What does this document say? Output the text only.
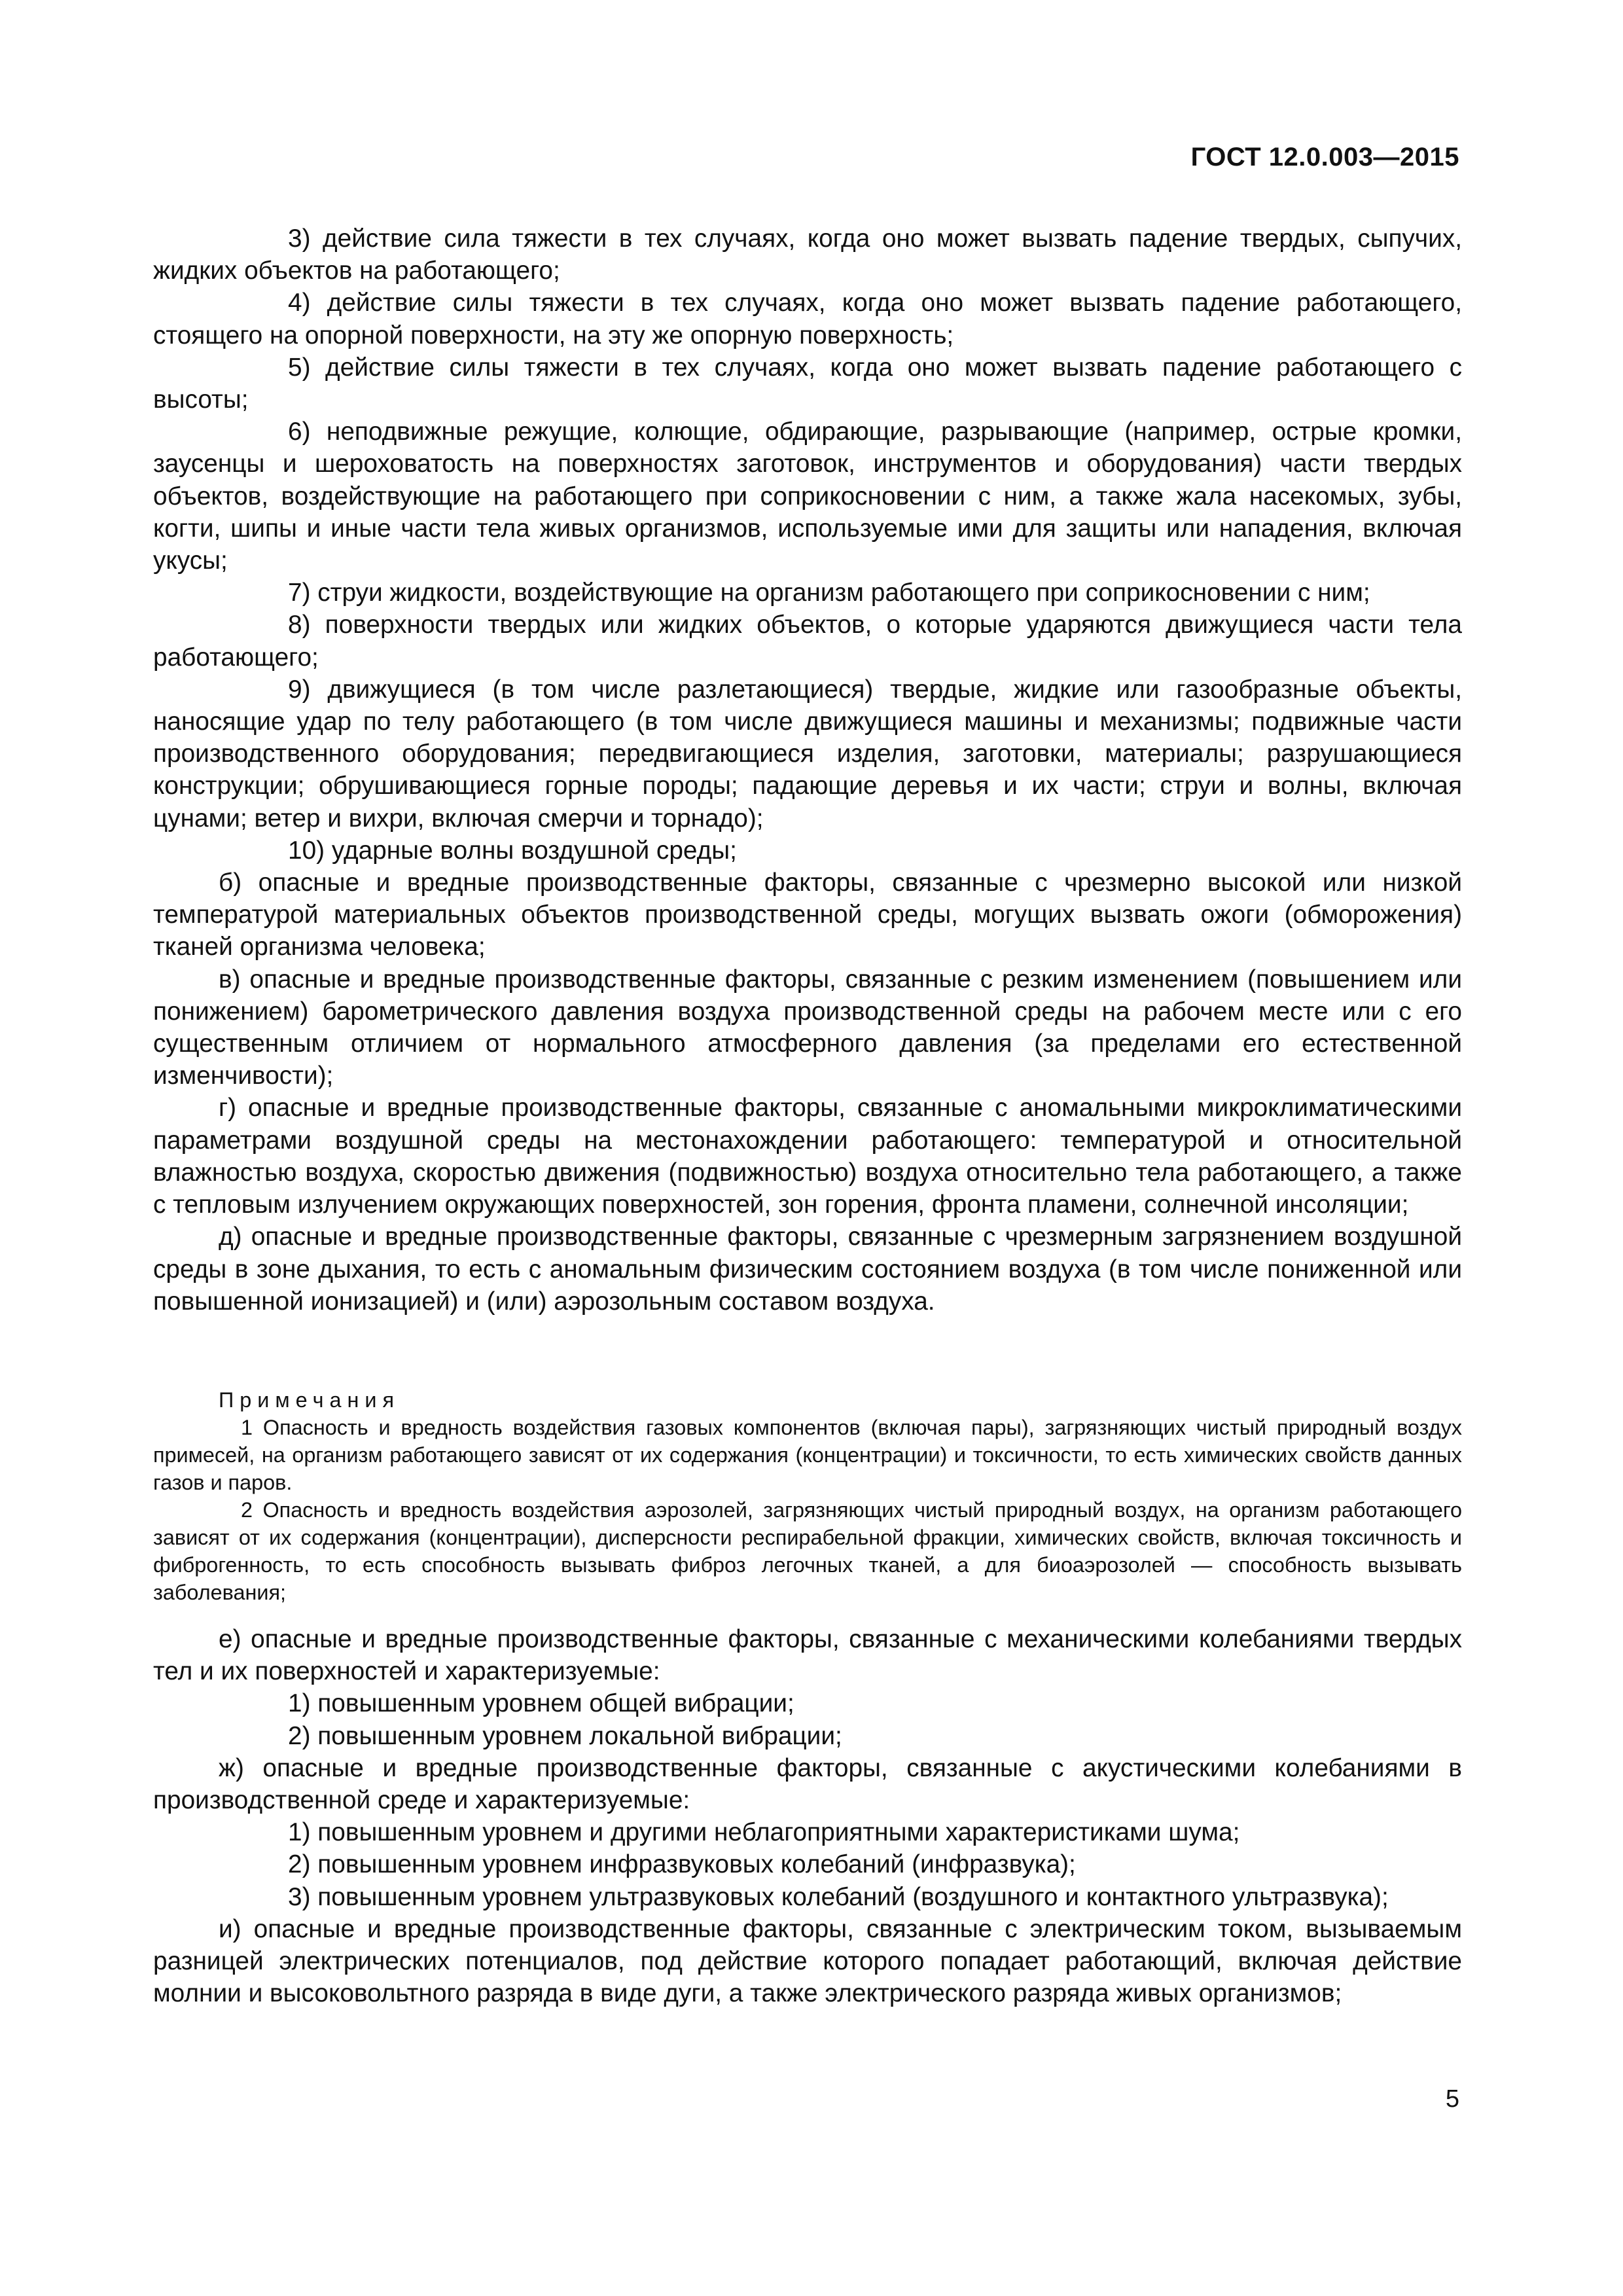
ГОСТ 12.0.003—2015

3) действие сила тяжести в тех случаях, когда оно может вызвать падение твердых, сыпучих, жидких объектов на работающего;

4) действие силы тяжести в тех случаях, когда оно может вызвать падение работающего, стоящего на опорной поверхности, на эту же опорную поверхность;

5) действие силы тяжести в тех случаях, когда оно может вызвать падение работающего с высоты;

6) неподвижные режущие, колющие, обдирающие, разрывающие (например, острые кромки, заусенцы и шероховатость на поверхностях заготовок, инструментов и оборудования) части твердых объектов, воздействующие на работающего при соприкосновении с ним, а также жала насекомых, зубы, когти, шипы и иные части тела живых организмов, используемые ими для защиты или нападения, включая укусы;

7) струи жидкости, воздействующие на организм работающего при соприкосновении с ним;

8) поверхности твердых или жидких объектов, о которые ударяются движущиеся части тела работающего;

9) движущиеся (в том числе разлетающиеся) твердые, жидкие или газообразные объекты, наносящие удар по телу работающего (в том числе движущиеся машины и механизмы; подвижные части производственного оборудования; передвигающиеся изделия, заготовки, материалы; разрушающиеся конструкции; обрушивающиеся горные породы; падающие деревья и их части; струи и волны, включая цунами; ветер и вихри, включая смерчи и торнадо);

10) ударные волны воздушной среды;

б) опасные и вредные производственные факторы, связанные с чрезмерно высокой или низкой температурой материальных объектов производственной среды, могущих вызвать ожоги (обморожения) тканей организма человека;

в) опасные и вредные производственные факторы, связанные с резким изменением (повышением или понижением) барометрического давления воздуха производственной среды на рабочем месте или с его существенным отличием от нормального атмосферного давления (за пределами его естественной изменчивости);

г) опасные и вредные производственные факторы, связанные с аномальными микроклиматическими параметрами воздушной среды на местонахождении работающего: температурой и относительной влажностью воздуха, скоростью движения (подвижностью) воздуха относительно тела работающего, а также с тепловым излучением окружающих поверхностей, зон горения, фронта пламени, солнечной инсоляции;

д) опасные и вредные производственные факторы, связанные с чрезмерным загрязнением воздушной среды в зоне дыхания, то есть с аномальным физическим состоянием воздуха (в том числе пониженной или повышенной ионизацией) и (или) аэрозольным составом воздуха.

Примечания

1 Опасность и вредность воздействия газовых компонентов (включая пары), загрязняющих чистый природный воздух примесей, на организм работающего зависят от их содержания (концентрации) и токсичности, то есть химических свойств данных газов и паров.

2 Опасность и вредность воздействия аэрозолей, загрязняющих чистый природный воздух, на организм работающего зависят от их содержания (концентрации), дисперсности респирабельной фракции, химических свойств, включая токсичность и фиброгенность, то есть способность вызывать фиброз легочных тканей, а для биоаэрозолей — способность вызывать заболевания;

е) опасные и вредные производственные факторы, связанные с механическими колебаниями твердых тел и их поверхностей и характеризуемые:

1) повышенным уровнем общей вибрации;

2) повышенным уровнем локальной вибрации;

ж) опасные и вредные производственные факторы, связанные с акустическими колебаниями в производственной среде и характеризуемые:

1) повышенным уровнем и другими неблагоприятными характеристиками шума;

2) повышенным уровнем инфразвуковых колебаний (инфразвука);

3) повышенным уровнем ультразвуковых колебаний (воздушного и контактного ультразвука);

и) опасные и вредные производственные факторы, связанные с электрическим током, вызываемым разницей электрических потенциалов, под действие которого попадает работающий, включая действие молнии и высоковольтного разряда в виде дуги, а также электрического разряда живых организмов;

5
